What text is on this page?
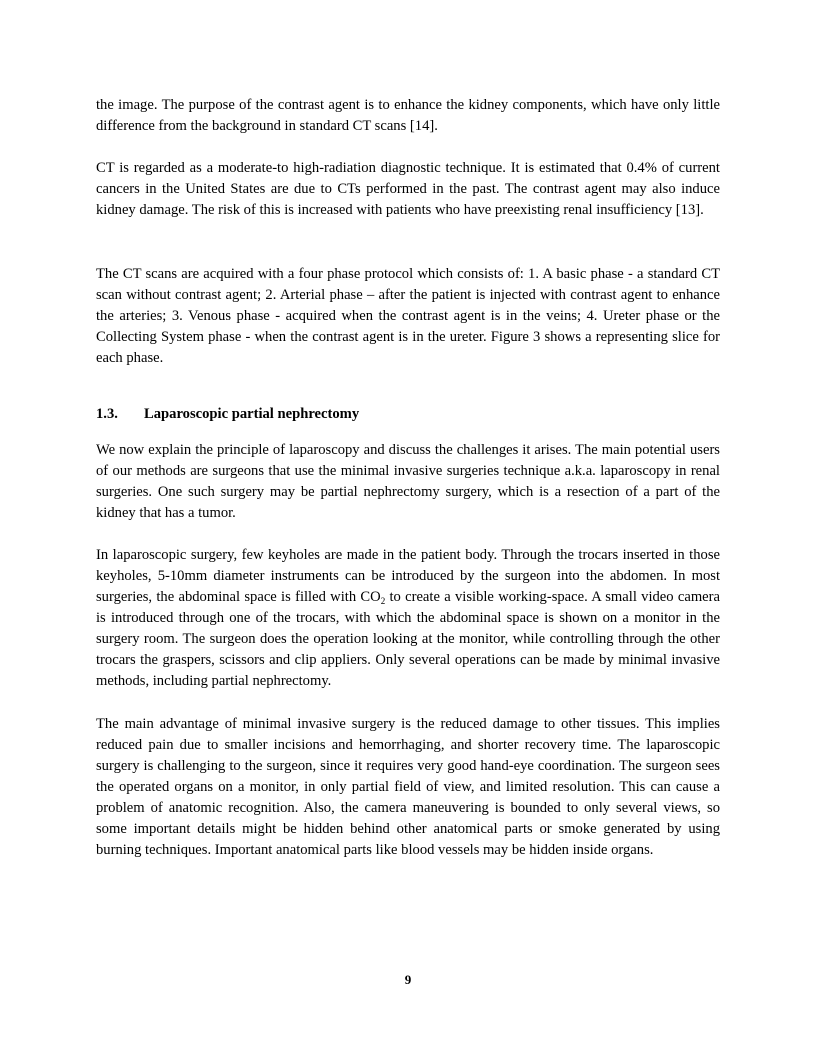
the image. The purpose of the contrast agent is to enhance the kidney components, which have only little difference from the background in standard CT scans [14].

CT is regarded as a moderate-to high-radiation diagnostic technique. It is estimated that 0.4% of current cancers in the United States are due to CTs performed in the past. The contrast agent may also induce kidney damage. The risk of this is increased with patients who have preexisting renal insufficiency [13].

The CT scans are acquired with a four phase protocol which consists of: 1. A basic phase - a standard CT scan without contrast agent; 2. Arterial phase – after the patient is injected with contrast agent to enhance the arteries; 3. Venous phase - acquired when the contrast agent is in the veins; 4. Ureter phase or the Collecting System phase - when the contrast agent is in the ureter. Figure 3 shows a representing slice for each phase.

1.3. Laparoscopic partial nephrectomy

We now explain the principle of laparoscopy and discuss the challenges it arises. The main potential users of our methods are surgeons that use the minimal invasive surgeries technique a.k.a. laparoscopy in renal surgeries. One such surgery may be partial nephrectomy surgery, which is a resection of a part of the kidney that has a tumor.

In laparoscopic surgery, few keyholes are made in the patient body. Through the trocars inserted in those keyholes, 5-10mm diameter instruments can be introduced by the surgeon into the abdomen. In most surgeries, the abdominal space is filled with $CO_2$ to create a visible working-space. A small video camera is introduced through one of the trocars, with which the abdominal space is shown on a monitor in the surgery room. The surgeon does the operation looking at the monitor, while controlling through the other trocars the graspers, scissors and clip appliers. Only several operations can be made by minimal invasive methods, including partial nephrectomy.

The main advantage of minimal invasive surgery is the reduced damage to other tissues. This implies reduced pain due to smaller incisions and hemorrhaging, and shorter recovery time. The laparoscopic surgery is challenging to the surgeon, since it requires very good hand-eye coordination. The surgeon sees the operated organs on a monitor, in only partial field of view, and limited resolution. This can cause a problem of anatomic recognition. Also, the camera maneuvering is bounded to only several views, so some important details might be hidden behind other anatomical parts or smoke generated by using burning techniques. Important anatomical parts like blood vessels may be hidden inside organs.

9
